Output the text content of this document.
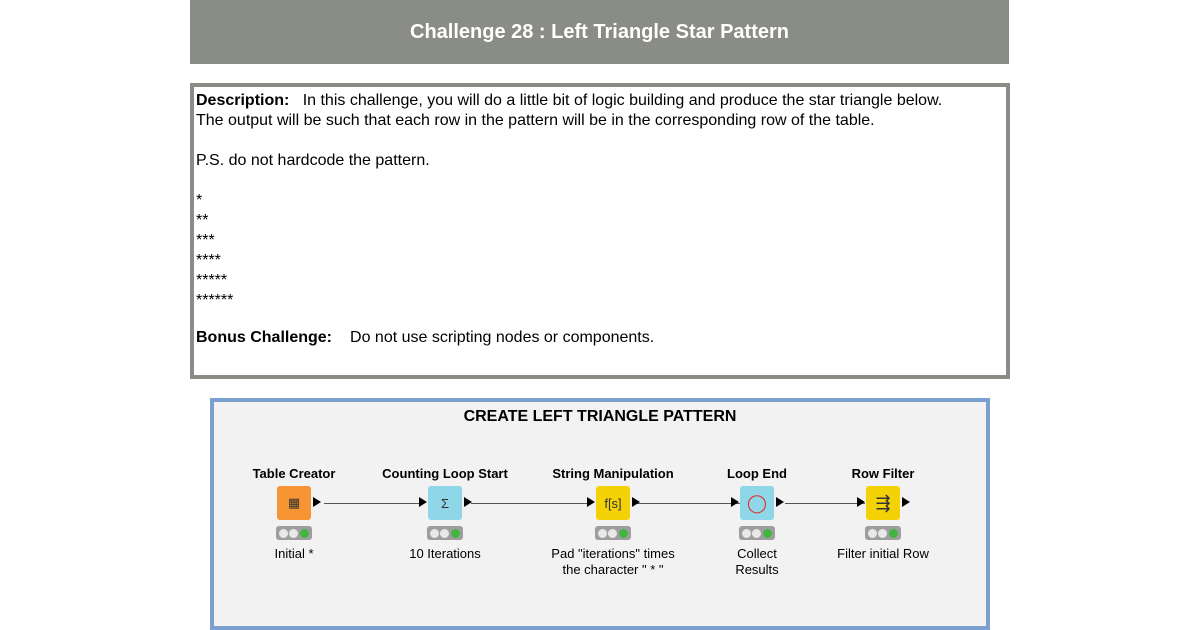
Challenge 28 : Left Triangle Star Pattern
Description: In this challenge, you will do a little bit of logic building and produce the star triangle below.
The output will be such that each row in the pattern will be in the corresponding row of the table.
P.S. do not hardcode the pattern.
*
**
***
****
*****
******
Bonus Challenge: Do not use scripting nodes or components.
CREATE LEFT TRIANGLE PATTERN
Table Creator
▦
Initial *
Counting Loop Start
Σ
10 Iterations
String Manipulation
f[s]
Pad "iterations" times the character " * "
Loop End
◯
Collect Results
Row Filter
⇶
Filter initial Row
